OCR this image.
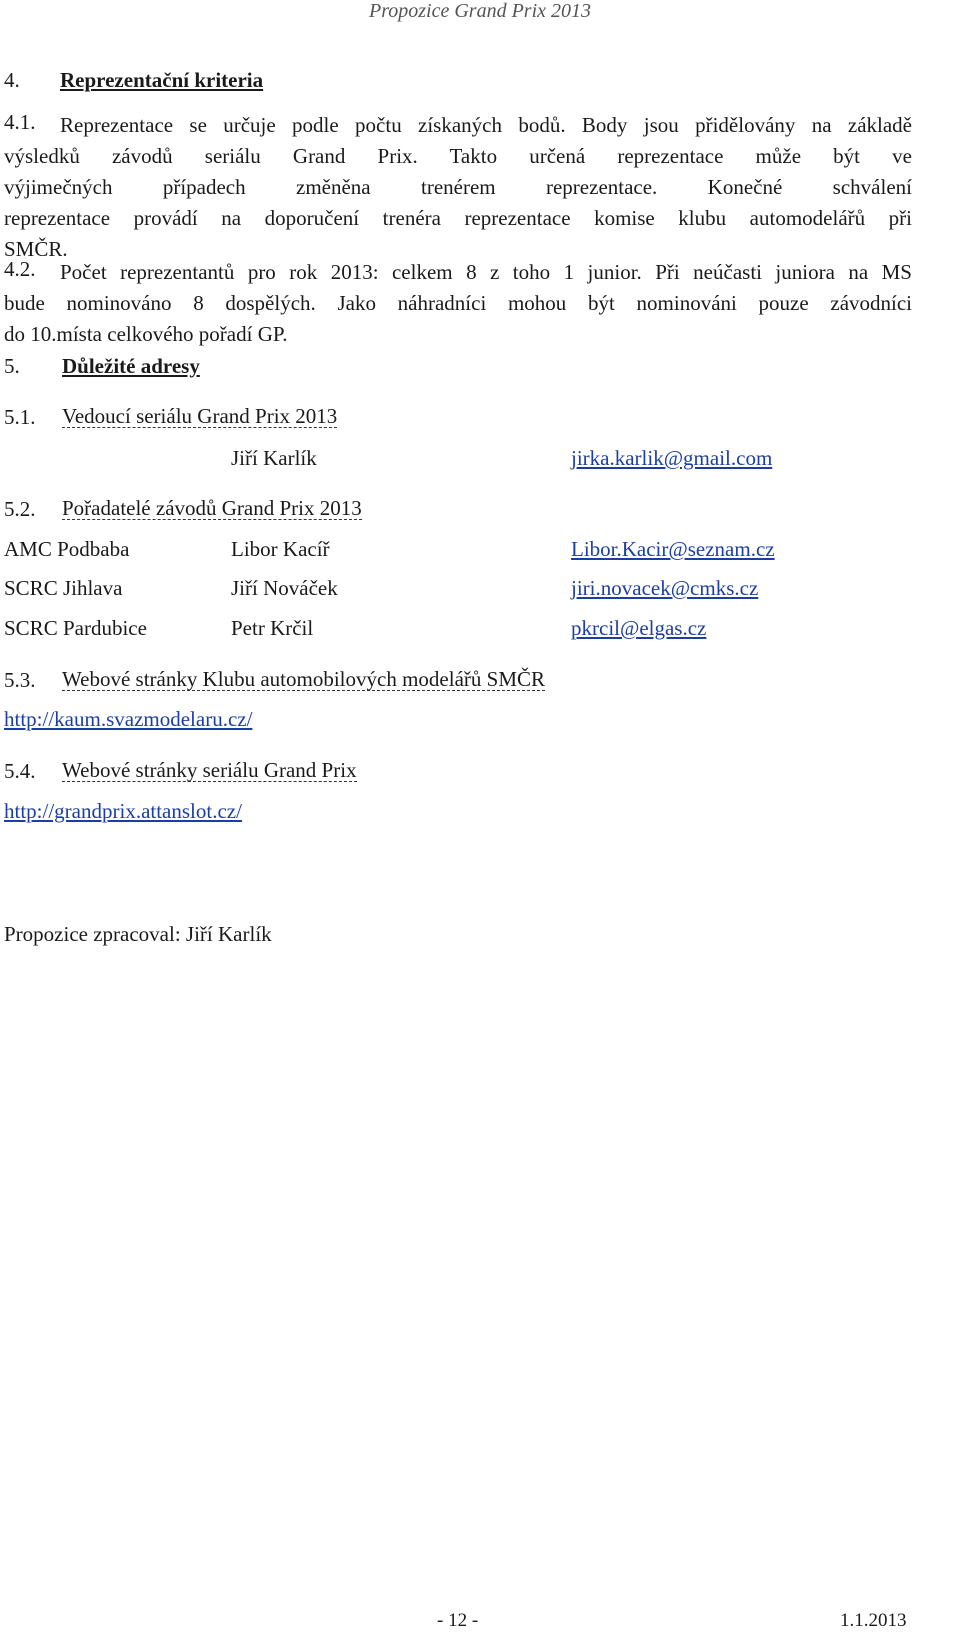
Propozice Grand Prix 2013
4. Reprezentační kriteria
4.1.	Reprezentace se určuje podle počtu získaných bodů. Body jsou přidělovány na základě
výsledků závodů seriálu Grand Prix. Takto určená reprezentace může být ve
výjimečných případech změněna trenérem reprezentace. Konečné schválení
reprezentace provádí na doporučení trenéra reprezentace komise klubu automodelářů při
SMČR.
4.2.	Počet reprezentantů pro rok 2013: celkem 8 z toho 1 junior. Při neúčasti juniora na MS
bude nominováno 8 dospělých. Jako náhradníci mohou být nominováni pouze závodníci
do 10.místa celkového pořadí GP.
5. Důležité adresy
5.1. Vedoucí seriálu Grand Prix 2013
Jiří Karlík	jirka.karlik@gmail.com
5.2. Pořadatelé závodů Grand Prix 2013
AMC Podbaba	Libor Kacíř	Libor.Kacir@seznam.cz
SCRC Jihlava	Jiří Nováček	jiri.novacek@cmks.cz
SCRC Pardubice	Petr Krčil	pkrcil@elgas.cz
5.3. Webové stránky Klubu automobilových modelářů SMČR
http://kaum.svazmodelaru.cz/
5.4. Webové stránky seriálu Grand Prix
http://grandprix.attanslot.cz/
Propozice zpracoval: Jiří Karlík
- 12 -	1.1.2013
